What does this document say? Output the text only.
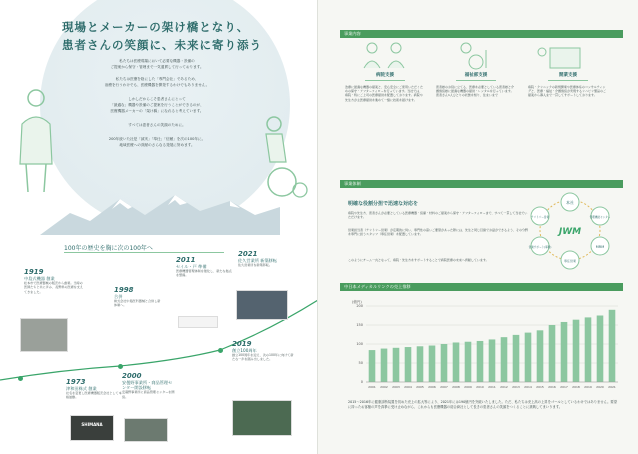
現場とメーカーの架け橋となり、
患者さんの笑顔に、未来に寄り添う
私たちは医療現場において必要な機器・設備の
ご提案から保守・管理まで一気通貫して行っております。
私たちは医療を陰にした「専門会社」であるため、
治療を行うわけでも、医療機器を開発するわけでもありません。
しかしだからこそ患者さんにとって
「最適な」機器や設備のご提案を行うことができるのが、
医療機器メーカーの「架け橋」になれると考えています。
すべては患者さんの笑顔のために。
200年続いた社是「誠実」「奉仕」「信頼」を次の100年に。
地域医療への貢献のさらなる発展に努めます。
100年の歴史を胸に次の100年へ
1919
中島式機器 創業
松本市で医療器械の販売から創業。当時の医師たちと共に歩み、長野県の医療を支えてきました。
1973
津和田株式 創業
社名を変更し医療機器販売会社として本格始動。
SHIMANA
1998
合併
株式会社中島医科器械と合併し新体制へ。
2000
安曇野事業所・商品管理センター開設移転
安曇野事業所に商品管理センターを開設。
2011
セイル・戸 準備
医療機器管理体制を強化し、新たな拠点を整備。
2021
佐久営業所 新築移転
佐久営業所を新築移転。
2019
創立100周年
創立100周年を迎え、次の100年に向けて新たな一歩を踏み出しました。
事業内容
病院支援
治療に最適な機器の提案と、安心安全にご使用いただくための保守・アフターフォローを行っています。当社では、病院・特にご上司の医療提供を配置しております。病院や先生方が主医療提供を進めて一緒に技術を届けます。
福祉部支援
患者様のお役に立てる、医療を必要としている患者様と介護施設様に最適な機器の提供・レンタルを行っています。患者さん1人ひとりの状態を知り、住まいまで
開業支援
病院・クリニックの新規開業や医療体系のコンサルティングと、医療・福祉・介護施設が実現するリハビリ製品のご提案から導入まで一貫してサポートしております。
事業体制
明確な役割分担で迅速な対応を
病院や先生方、患者さんが必要としている医療機器・設備・材料のご提案から保守・アフターフォローまで、すべて一貫して当社でいただけます。
営業担当者（テリトリー営業）が定期的に伺い、専門性の高いご要望があった際には、先生と同じ目線でお話ができるよう、その分野を専門に担うスタッフ（専任営業）を配置しています。
このようにチーム一丸となって、病院・先生方をサポートすることで病院医療の未来へ貢献しています。
本社
テリトリー営業	管理機能センター
MRM
専任営業
営業サポート(事務)
JWM
中日本メディカルリンクの売上推移
(億円)
0
50
100
150
200
2001 2002 2003 2004 2005 2006 2007 2008 2009 2010 2011 2012 2013 2014 2015 2016 2017 2018 2019 2020 2021
2015〜2016年に健康診断装置を初めた売上の拡大等により、2021年には190億円を突破いたしました。ただ、私たちは売上高の上昇をゴールとしているわけではありません。要望に持ったお客様の声を真摯に受け止めながら、これからも医療機器の総合商社として長きの患者さんの笑顔をつくることに挑戦してまいります。
